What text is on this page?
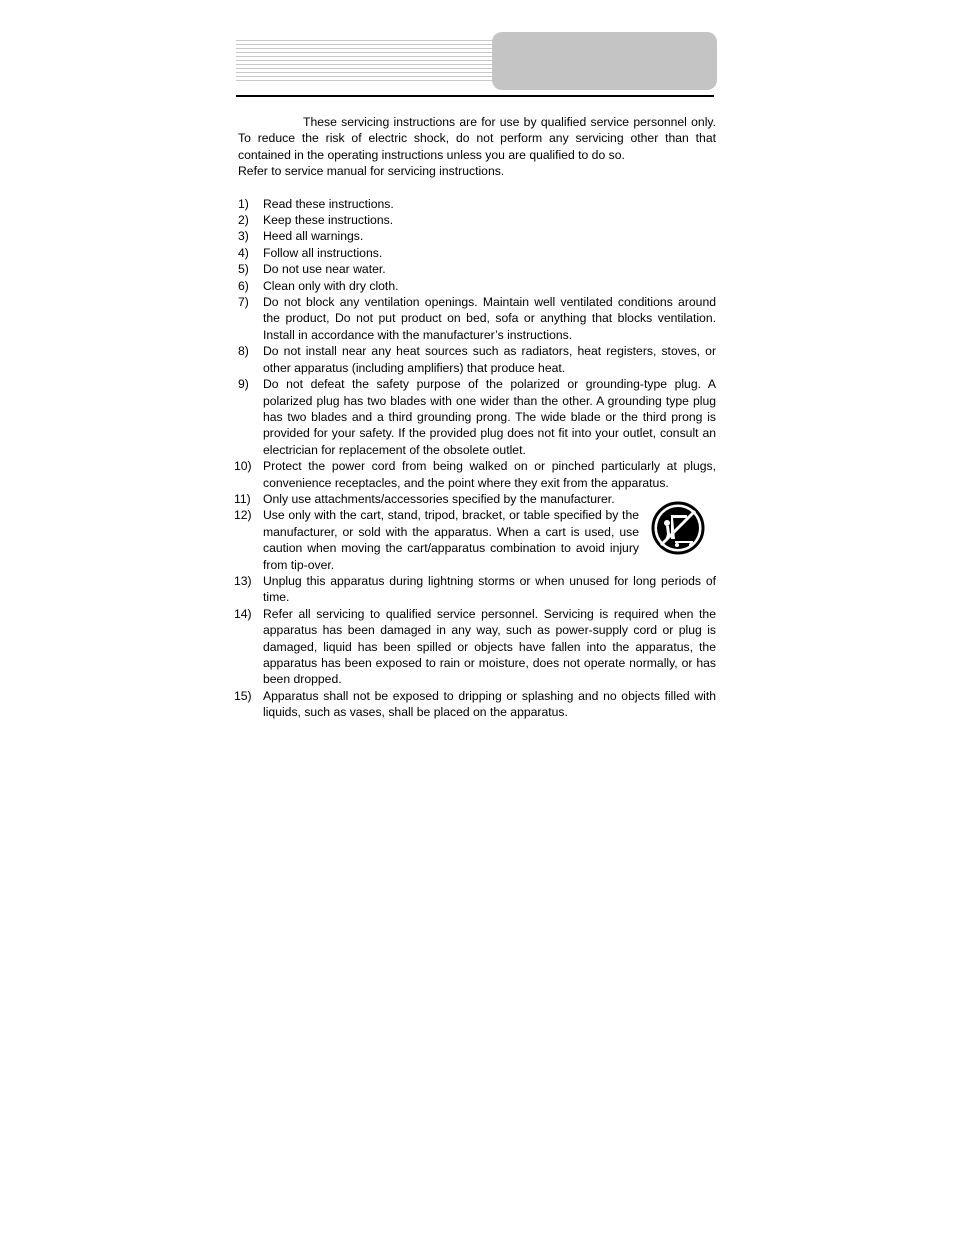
These servicing instructions are for use by qualified service personnel only. To reduce the risk of electric shock, do not perform any servicing other than that contained in the operating instructions unless you are qualified to do so.

Refer to service manual for servicing instructions.

1) Read these instructions.
2) Keep these instructions.
3) Heed all warnings.
4) Follow all instructions.
5) Do not use near water.
6) Clean only with dry cloth.
7) Do not block any ventilation openings. Maintain well ventilated conditions around the product, Do not put product on bed, sofa or anything that blocks ventilation. Install in accordance with the manufacturer’s instructions.
8) Do not install near any heat sources such as radiators, heat registers, stoves, or other apparatus (including amplifiers) that produce heat.
9) Do not defeat the safety purpose of the polarized or grounding-type plug. A polarized plug has two blades with one wider than the other. A grounding type plug has two blades and a third grounding prong. The wide blade or the third prong is provided for your safety. If the provided plug does not fit into your outlet, consult an electrician for replacement of the obsolete outlet.
10) Protect the power cord from being walked on or pinched particularly at plugs, convenience receptacles, and the point where they exit from the apparatus.
11) Only use attachments/accessories specified by the manufacturer.
12) Use only with the cart, stand, tripod, bracket, or table specified by the manufacturer, or sold with the apparatus. When a cart is used, use caution when moving the cart/apparatus combination to avoid injury from tip-over.
13) Unplug this apparatus during lightning storms or when unused for long periods of time.
14) Refer all servicing to qualified service personnel. Servicing is required when the apparatus has been damaged in any way, such as power-supply cord or plug is damaged, liquid has been spilled or objects have fallen into the apparatus, the apparatus has been exposed to rain or moisture, does not operate normally, or has been dropped.
15) Apparatus shall not be exposed to dripping or splashing and no objects filled with liquids, such as vases, shall be placed on the apparatus.
